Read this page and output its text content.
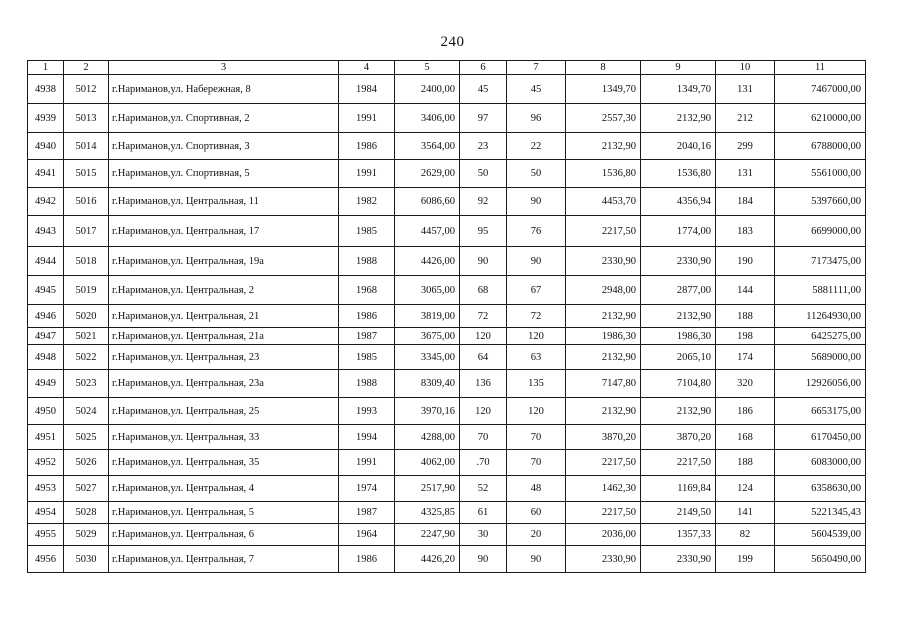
240
1	2	3	4	5	6	7	8	9	10	11
4938	5012	г.Нариманов,ул. Набережная, 8	1984	2400,00	45	45	1349,70	1349,70	131	7467000,00
4939	5013	г.Нариманов,ул. Спортивная, 2	1991	3406,00	97	96	2557,30	2132,90	212	6210000,00
4940	5014	г.Нариманов,ул. Спортивная, 3	1986	3564,00	23	22	2132,90	2040,16	299	6788000,00
4941	5015	г.Нариманов,ул. Спортивная, 5	1991	2629,00	50	50	1536,80	1536,80	131	5561000,00
4942	5016	г.Нариманов,ул. Центральная, 11	1982	6086,60	92	90	4453,70	4356,94	184	5397660,00
4943	5017	г.Нариманов,ул. Центральная, 17	1985	4457,00	95	76	2217,50	1774,00	183	6699000,00
4944	5018	г.Нариманов,ул. Центральная, 19а	1988	4426,00	90	90	2330,90	2330,90	190	7173475,00
4945	5019	г.Нариманов,ул. Центральная, 2	1968	3065,00	68	67	2948,00	2877,00	144	5881111,00
4946	5020	г.Нариманов,ул. Центральная, 21	1986	3819,00	72	72	2132,90	2132,90	188	11264930,00
4947	5021	г.Нариманов,ул. Центральная, 21а	1987	3675,00	120	120	1986,30	1986,30	198	6425275,00
4948	5022	г.Нариманов,ул. Центральная, 23	1985	3345,00	64	63	2132,90	2065,10	174	5689000,00
4949	5023	г.Нариманов,ул. Центральная, 23а	1988	8309,40	136	135	7147,80	7104,80	320	12926056,00
4950	5024	г.Нариманов,ул. Центральная, 25	1993	3970,16	120	120	2132,90	2132,90	186	6653175,00
4951	5025	г.Нариманов,ул. Центральная, 33	1994	4288,00	70	70	3870,20	3870,20	168	6170450,00
4952	5026	г.Нариманов,ул. Центральная, 35	1991	4062,00	.70	70	2217,50	2217,50	188	6083000,00
4953	5027	г.Нариманов,ул. Центральная, 4	1974	2517,90	52	48	1462,30	1169,84	124	6358630,00
4954	5028	г.Нариманов,ул. Центральная, 5	1987	4325,85	61	60	2217,50	2149,50	141	5221345,43
4955	5029	г.Нариманов,ул. Центральная, 6	1964	2247,90	30	20	2036,00	1357,33	82	5604539,00
4956	5030	г.Нариманов,ул. Центральная, 7	1986	4426,20	90	90	2330,90	2330,90	199	5650490,00
